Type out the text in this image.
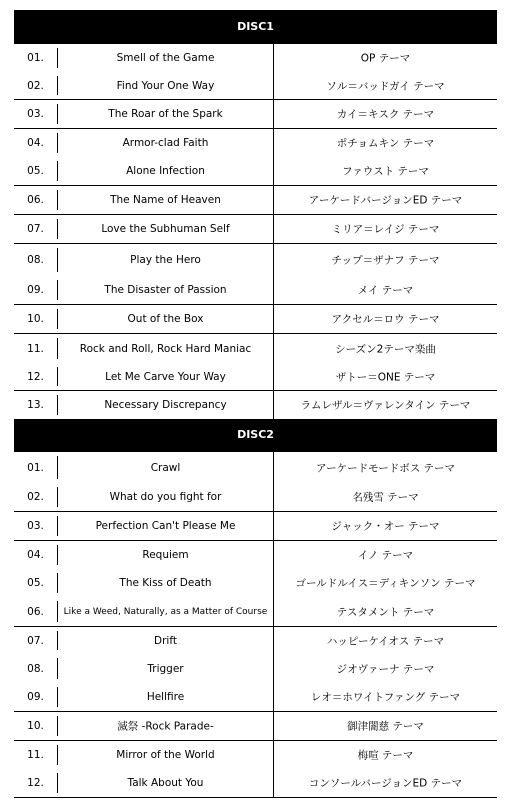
DISC1
01.	Smell of the Game	OP テーマ
02.	Find Your One Way	ソル＝バッドガイ テーマ
03.	The Roar of the Spark	カイ＝キスク テーマ
04.	Armor-clad Faith	ポチョムキン テーマ
05.	Alone Infection	ファウスト テーマ
06.	The Name of Heaven	アーケードバージョンED テーマ
07.	Love the Subhuman Self	ミリア＝レイジ テーマ
08.	Play the Hero	チップ＝ザナフ テーマ
09.	The Disaster of Passion	メイ テーマ
10.	Out of the Box	アクセル＝ロウ テーマ
11.	Rock and Roll, Rock Hard Maniac	シーズン2テーマ楽曲
12.	Let Me Carve Your Way	ザトー＝ONE テーマ
13.	Necessary Discrepancy	ラムレザル＝ヴァレンタイン テーマ
DISC2
01.	Crawl	アーケードモードボス テーマ
02.	What do you fight for	名残雪 テーマ
03.	Perfection Can't Please Me	ジャック・オー テーマ
04.	Requiem	イノ テーマ
05.	The Kiss of Death	ゴールドルイス＝ディキンソン テーマ
06.	Like a Weed, Naturally, as a Matter of Course	テスタメント テーマ
07.	Drift	ハッピーケイオス テーマ
08.	Trigger	ジオヴァーナ テーマ
09.	Hellfire	レオ＝ホワイトファング テーマ
10.	滅祭 -Rock Parade-	御津闇慈 テーマ
11.	Mirror of the World	梅喧 テーマ
12.	Talk About You	コンソールバージョンED テーマ
